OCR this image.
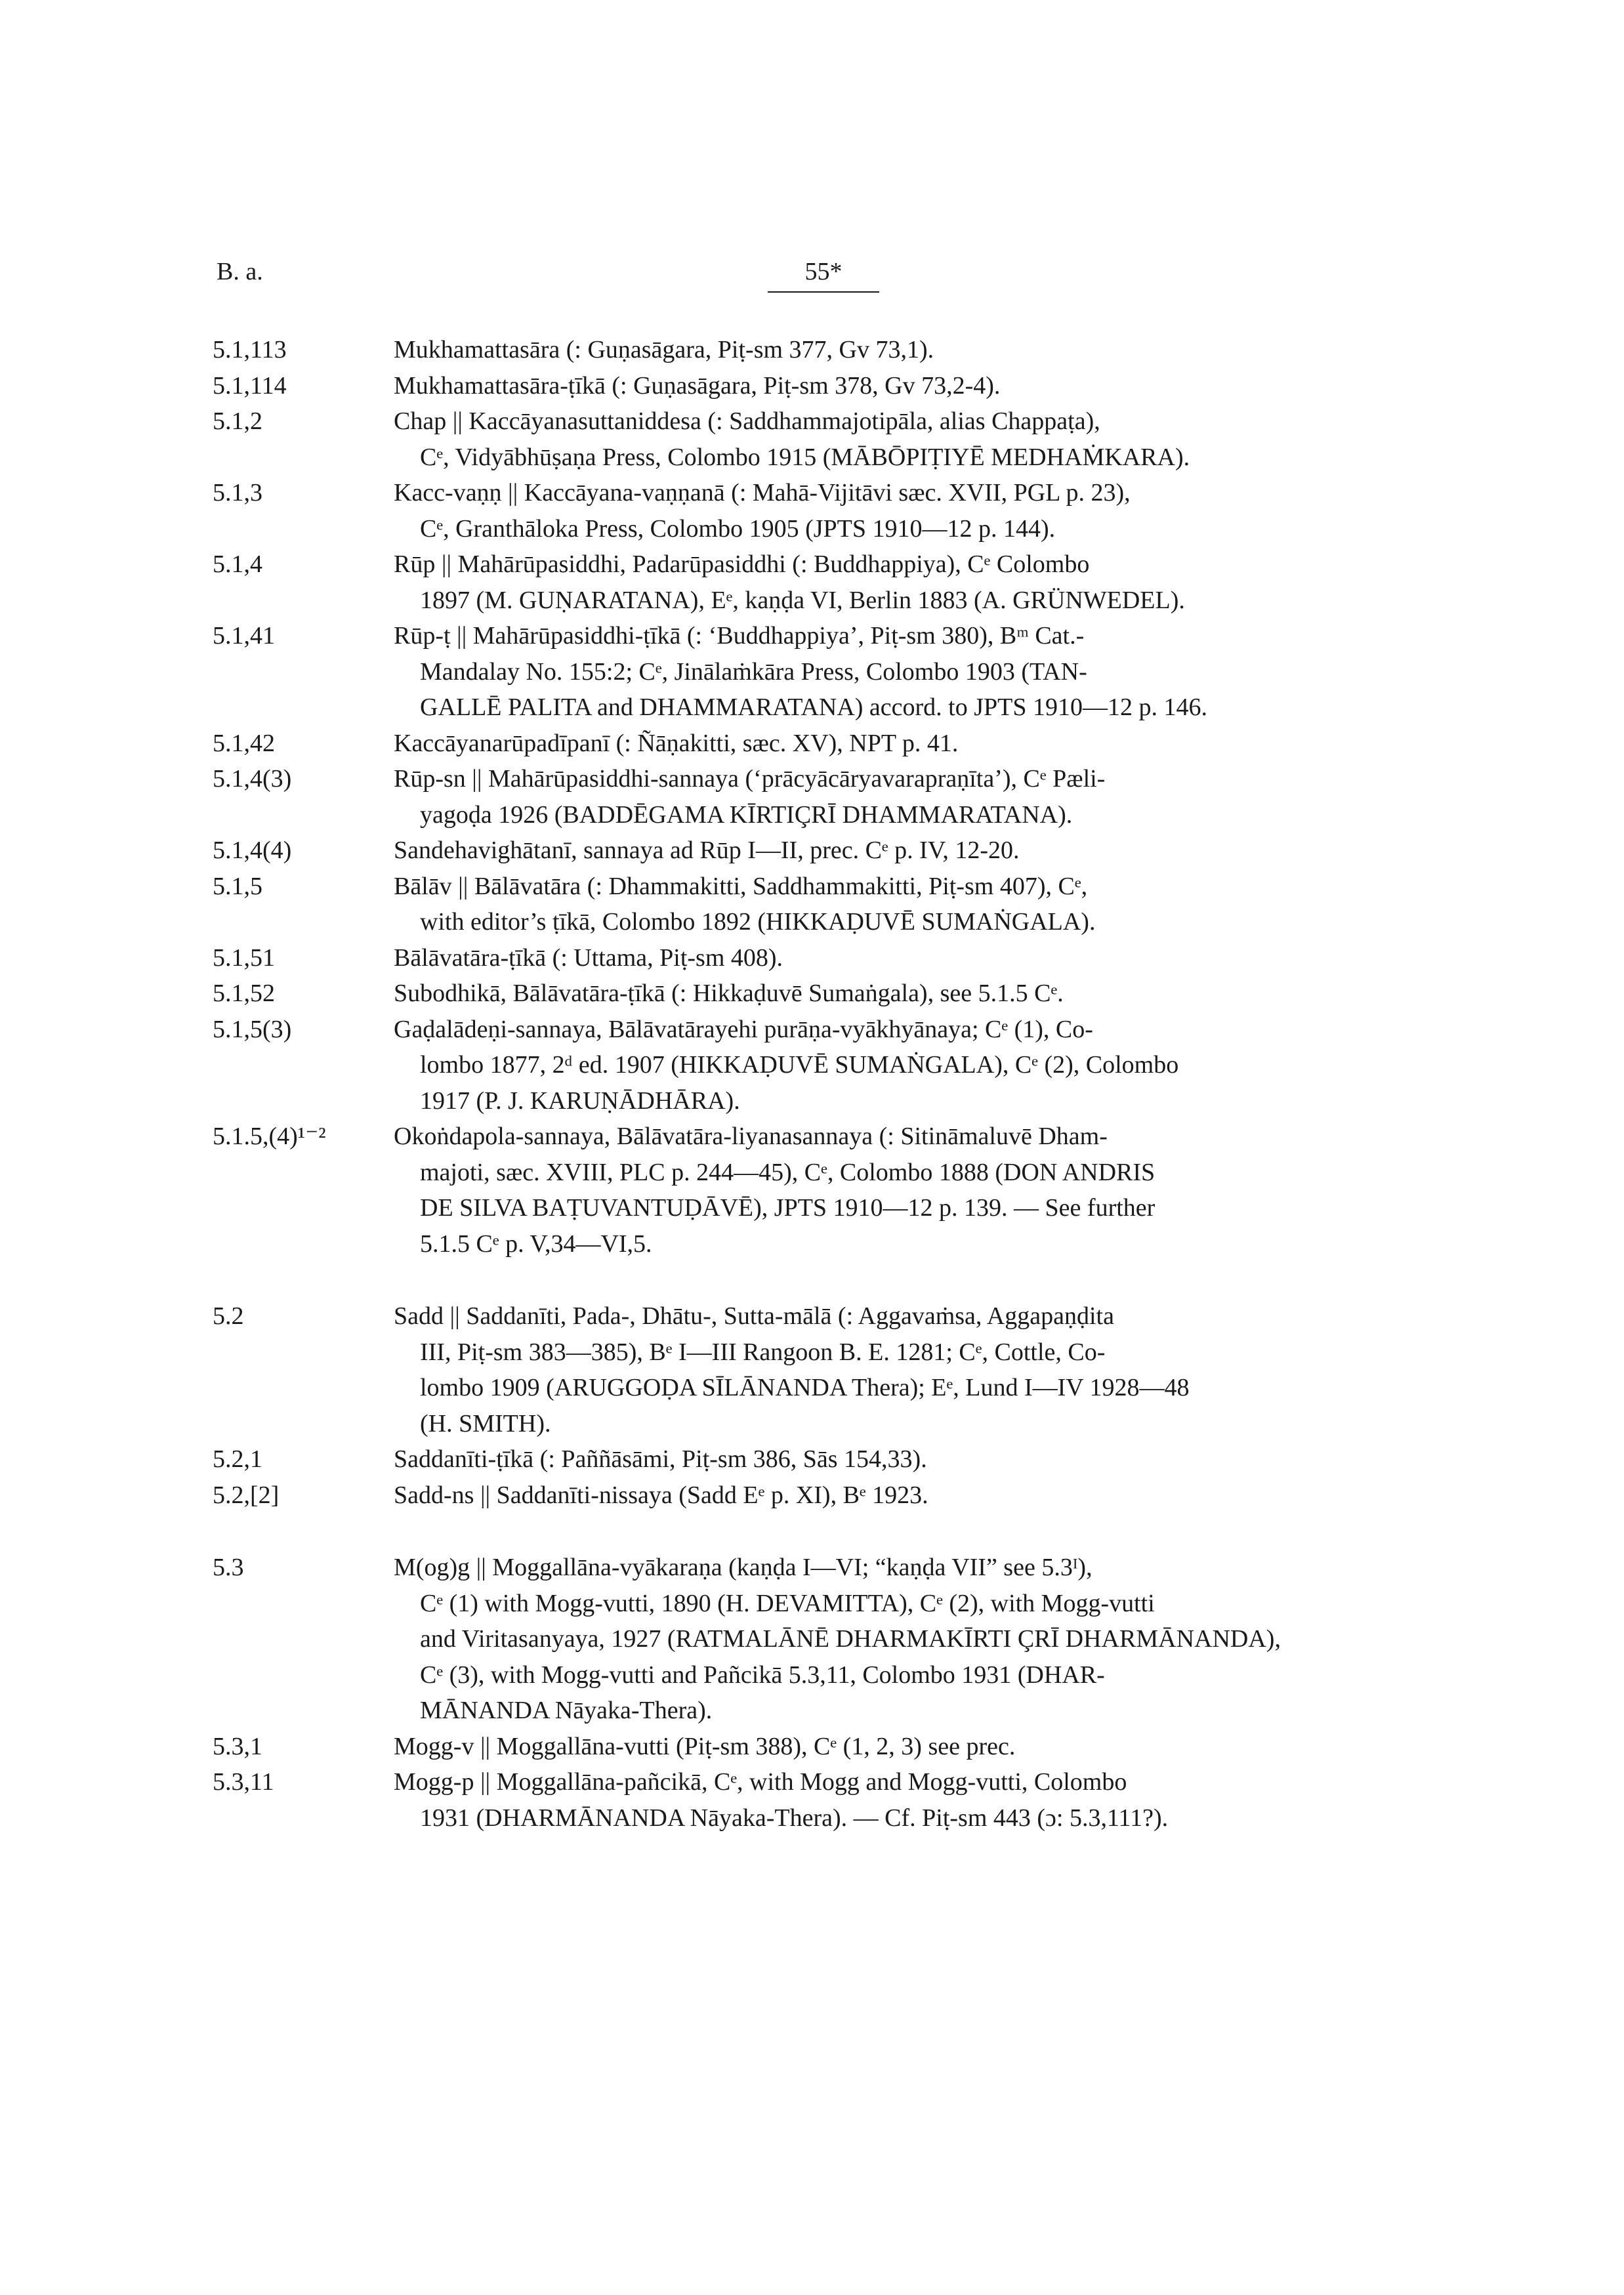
B. a.	55*
5.1,113	Mukhamattasāra (: Guṇasāgara, Piṭ-sm 377, Gv 73,1).
5.1,114	Mukhamattasāra-ṭīkā (: Guṇasāgara, Piṭ-sm 378, Gv 73,2-4).
5.1,2	Chap || Kaccāyanasuttaniddesa (: Saddhammajotipāla, alias Chappaṭa),
Cᵉ, Vidyābhūṣaṇa Press, Colombo 1915 (MĀBŌPIṬIYĒ MEDHAṀKARA).
5.1,3	Kacc-vaṇṇ || Kaccāyana-vaṇṇanā (: Mahā-Vijitāvi sæc. XVII, PGL p. 23),
Cᵉ, Granthāloka Press, Colombo 1905 (JPTS 1910—12 p. 144).
5.1,4	Rūp || Mahārūpasiddhi, Padarūpasiddhi (: Buddhappiya), Cᵉ Colombo
1897 (M. GUṆARATANA), Eᵉ, kaṇḍa VI, Berlin 1883 (A. GRÜNWEDEL).
5.1,41	Rūp-ṭ || Mahārūpasiddhi-ṭīkā (: ‘Buddhappiya’, Piṭ-sm 380), Bᵐ Cat.-
Mandalay No. 155:2; Cᵉ, Jinālaṁkāra Press, Colombo 1903 (TAN-
GALLĒ PALITA and DHAMMARATANA) accord. to JPTS 1910—12 p. 146.
5.1,42	Kaccāyanarūpadīpanī (: Ñāṇakitti, sæc. XV), NPT p. 41.
5.1,4(3)	Rūp-sn || Mahārūpasiddhi-sannaya (‘prācyācāryavarapraṇīta’), Cᵉ Pæli-
yagoḍa 1926 (BADDĒGAMA KĪRTIÇRĪ DHAMMARATANA).
5.1,4(4)	Sandehavighātanī, sannaya ad Rūp I—II, prec. Cᵉ p. IV, 12-20.
5.1,5	Bālāv || Bālāvatāra (: Dhammakitti, Saddhammakitti, Piṭ-sm 407), Cᵉ,
with editor’s ṭīkā, Colombo 1892 (HIKKAḌUVĒ SUMAṄGALA).
5.1,51	Bālāvatāra-ṭīkā (: Uttama, Piṭ-sm 408).
5.1,52	Subodhikā, Bālāvatāra-ṭīkā (: Hikkaḍuvē Sumaṅgala), see 5.1.5 Cᵉ.
5.1,5(3)	Gaḍalādeṇi-sannaya, Bālāvatārayehi purāṇa-vyākhyānaya; Cᵉ (1), Co-
lombo 1877, 2ᵈ ed. 1907 (HIKKAḌUVĒ SUMAṄGALA), Cᵉ (2), Colombo
1917 (P. J. KARUṆĀDHĀRA).
5.1.5,(4)¹⁻²	Okoṅdapola-sannaya, Bālāvatāra-liyanasannaya (: Sitināmaluvē Dham-
majoti, sæc. XVIII, PLC p. 244—45), Cᵉ, Colombo 1888 (DON ANDRIS
DE SILVA BAṬUVANTUḌĀVĒ), JPTS 1910—12 p. 139. — See further
5.1.5 Cᵉ p. V,34—VI,5.
5.2	Sadd || Saddanīti, Pada-, Dhātu-, Sutta-mālā (: Aggavaṁsa, Aggapaṇḍita
III, Piṭ-sm 383—385), Bᵉ I—III Rangoon B. E. 1281; Cᵉ, Cottle, Co-
lombo 1909 (ARUGGOḌA SĪLĀNANDA Thera); Eᵉ, Lund I—IV 1928—48
(H. SMITH).
5.2,1	Saddanīti-ṭīkā (: Paññāsāmi, Piṭ-sm 386, Sās 154,33).
5.2,[2]	Sadd-ns || Saddanīti-nissaya (Sadd Eᵉ p. XI), Bᵉ 1923.
5.3	M(og)g || Moggallāna-vyākaraṇa (kaṇḍa I—VI; “kaṇḍa VII” see 5.3ᴵ),
Cᵉ (1) with Mogg-vutti, 1890 (H. DEVAMITTA), Cᵉ (2), with Mogg-vutti
and Viritasanyaya, 1927 (RATMALĀNĒ DHARMAKĪRTI ÇRĪ DHARMĀNANDA),
Cᵉ (3), with Mogg-vutti and Pañcikā 5.3,11, Colombo 1931 (DHAR-
MĀNANDA Nāyaka-Thera).
5.3,1	Mogg-v || Moggallāna-vutti (Piṭ-sm 388), Cᵉ (1, 2, 3) see prec.
5.3,11	Mogg-p || Moggallāna-pañcikā, Cᵉ, with Mogg and Mogg-vutti, Colombo
1931 (DHARMĀNANDA Nāyaka-Thera). — Cf. Piṭ-sm 443 (ɔ: 5.3,111?).
